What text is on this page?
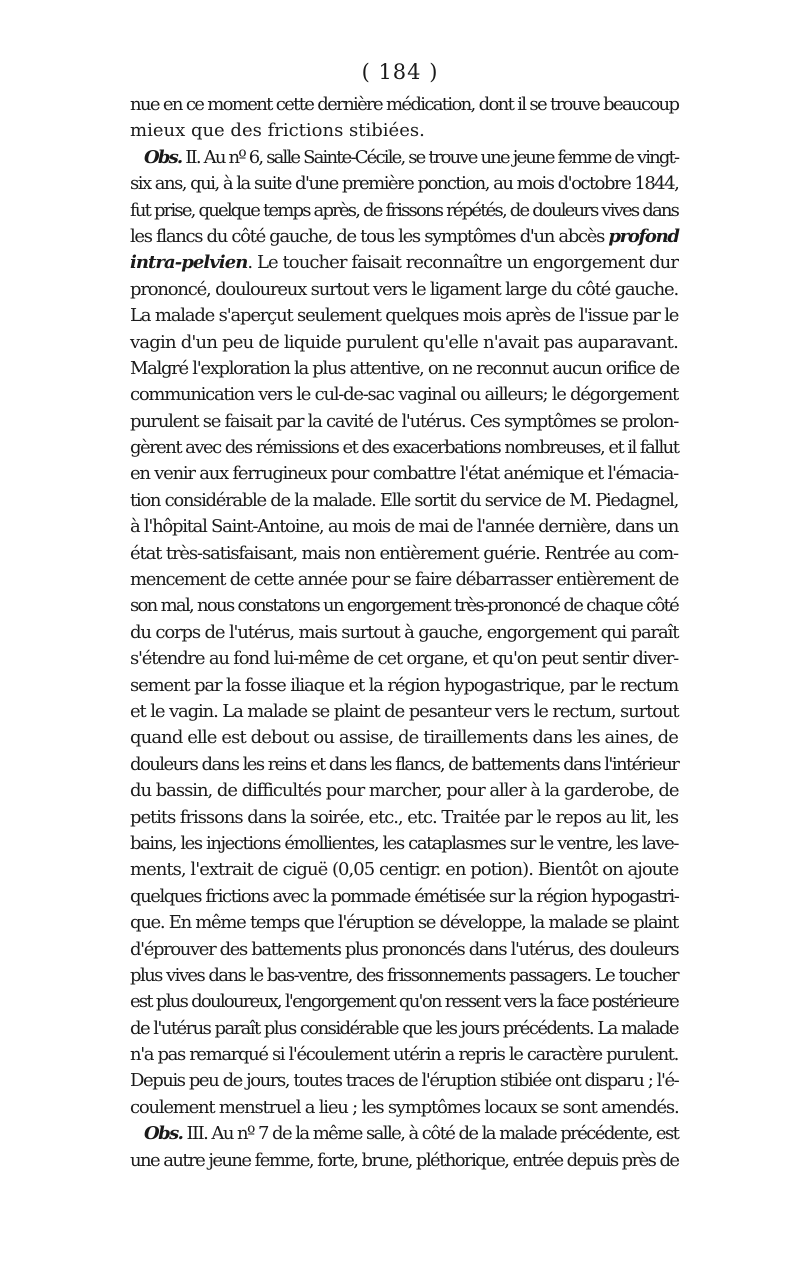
( 184 )
nue en ce moment cette dernière médication, dont il se trouve beaucoup
mieux que des frictions stibiées.
Obs. II. Au nº 6, salle Sainte-Cécile, se trouve une jeune femme de vingt-
six ans, qui, à la suite d'une première ponction, au mois d'octobre 1844,
fut prise, quelque temps après, de frissons répétés, de douleurs vives dans
les flancs du côté gauche, de tous les symptômes d'un abcès profond
intra-pelvien. Le toucher faisait reconnaître un engorgement dur
prononcé, douloureux surtout vers le ligament large du côté gauche.
La malade s'aperçut seulement quelques mois après de l'issue par le
vagin d'un peu de liquide purulent qu'elle n'avait pas auparavant.
Malgré l'exploration la plus attentive, on ne reconnut aucun orifice de
communication vers le cul-de-sac vaginal ou ailleurs; le dégorgement
purulent se faisait par la cavité de l'utérus. Ces symptômes se prolon-
gèrent avec des rémissions et des exacerbations nombreuses, et il fallut
en venir aux ferrugineux pour combattre l'état anémique et l'émacia-
tion considérable de la malade. Elle sortit du service de M. Piedagnel,
à l'hôpital Saint-Antoine, au mois de mai de l'année dernière, dans un
état très-satisfaisant, mais non entièrement guérie. Rentrée au com-
mencement de cette année pour se faire débarrasser entièrement de
son mal, nous constatons un engorgement très-prononcé de chaque côté
du corps de l'utérus, mais surtout à gauche, engorgement qui paraît
s'étendre au fond lui-même de cet organe, et qu'on peut sentir diver-
sement par la fosse iliaque et la région hypogastrique, par le rectum
et le vagin. La malade se plaint de pesanteur vers le rectum, surtout
quand elle est debout ou assise, de tiraillements dans les aines, de
douleurs dans les reins et dans les flancs, de battements dans l'intérieur
du bassin, de difficultés pour marcher, pour aller à la garderobe, de
petits frissons dans la soirée, etc., etc. Traitée par le repos au lit, les
bains, les injections émollientes, les cataplasmes sur le ventre, les lave-
ments, l'extrait de ciguë (0,05 centigr. en potion). Bientôt on ajoute
quelques frictions avec la pommade émétisée sur la région hypogastri-
que. En même temps que l'éruption se développe, la malade se plaint
d'éprouver des battements plus prononcés dans l'utérus, des douleurs
plus vives dans le bas-ventre, des frissonnements passagers. Le toucher
est plus douloureux, l'engorgement qu'on ressent vers la face postérieure
de l'utérus paraît plus considérable que les jours précédents. La malade
n'a pas remarqué si l'écoulement utérin a repris le caractère purulent.
Depuis peu de jours, toutes traces de l'éruption stibiée ont disparu ; l'é-
coulement menstruel a lieu ; les symptômes locaux se sont amendés.
Obs. III. Au nº 7 de la même salle, à côté de la malade précédente, est
une autre jeune femme, forte, brune, pléthorique, entrée depuis près de
